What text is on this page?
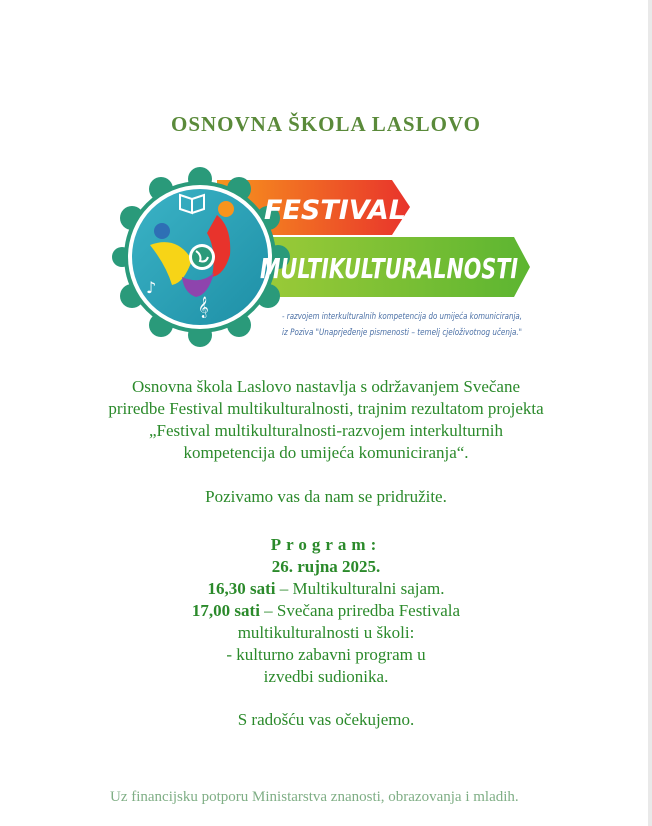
OSNOVNA ŠKOLA LASLOVO
♪
𝄞
FESTIVAL
MULTIKULTURALNOSTI
- razvojem interkulturalnih kompetencija do umijeća komuniciranja,
iz Poziva "Unaprjeđenje pismenosti – temelj cjeloživotnog učenja."

Osnovna škola Laslovo nastavlja s održavanjem Svečane

priredbe Festival multikulturalnosti, trajnim rezultatom projekta

„Festival multikulturalnosti-razvojem interkulturnih

kompetencija do umijeća komuniciranja“.

Pozivamo vas da nam se pridružite.
Program:
26. rujna 2025.
16,30 sati – Multikulturalni sajam.
17,00 sati – Svečana priredba Festivala
multikulturalnosti u školi:
- kulturno zabavni program u
izvedbi sudionika.
S radošću vas očekujemo.
Uz financijsku potporu Ministarstva znanosti, obrazovanja i mladih.
